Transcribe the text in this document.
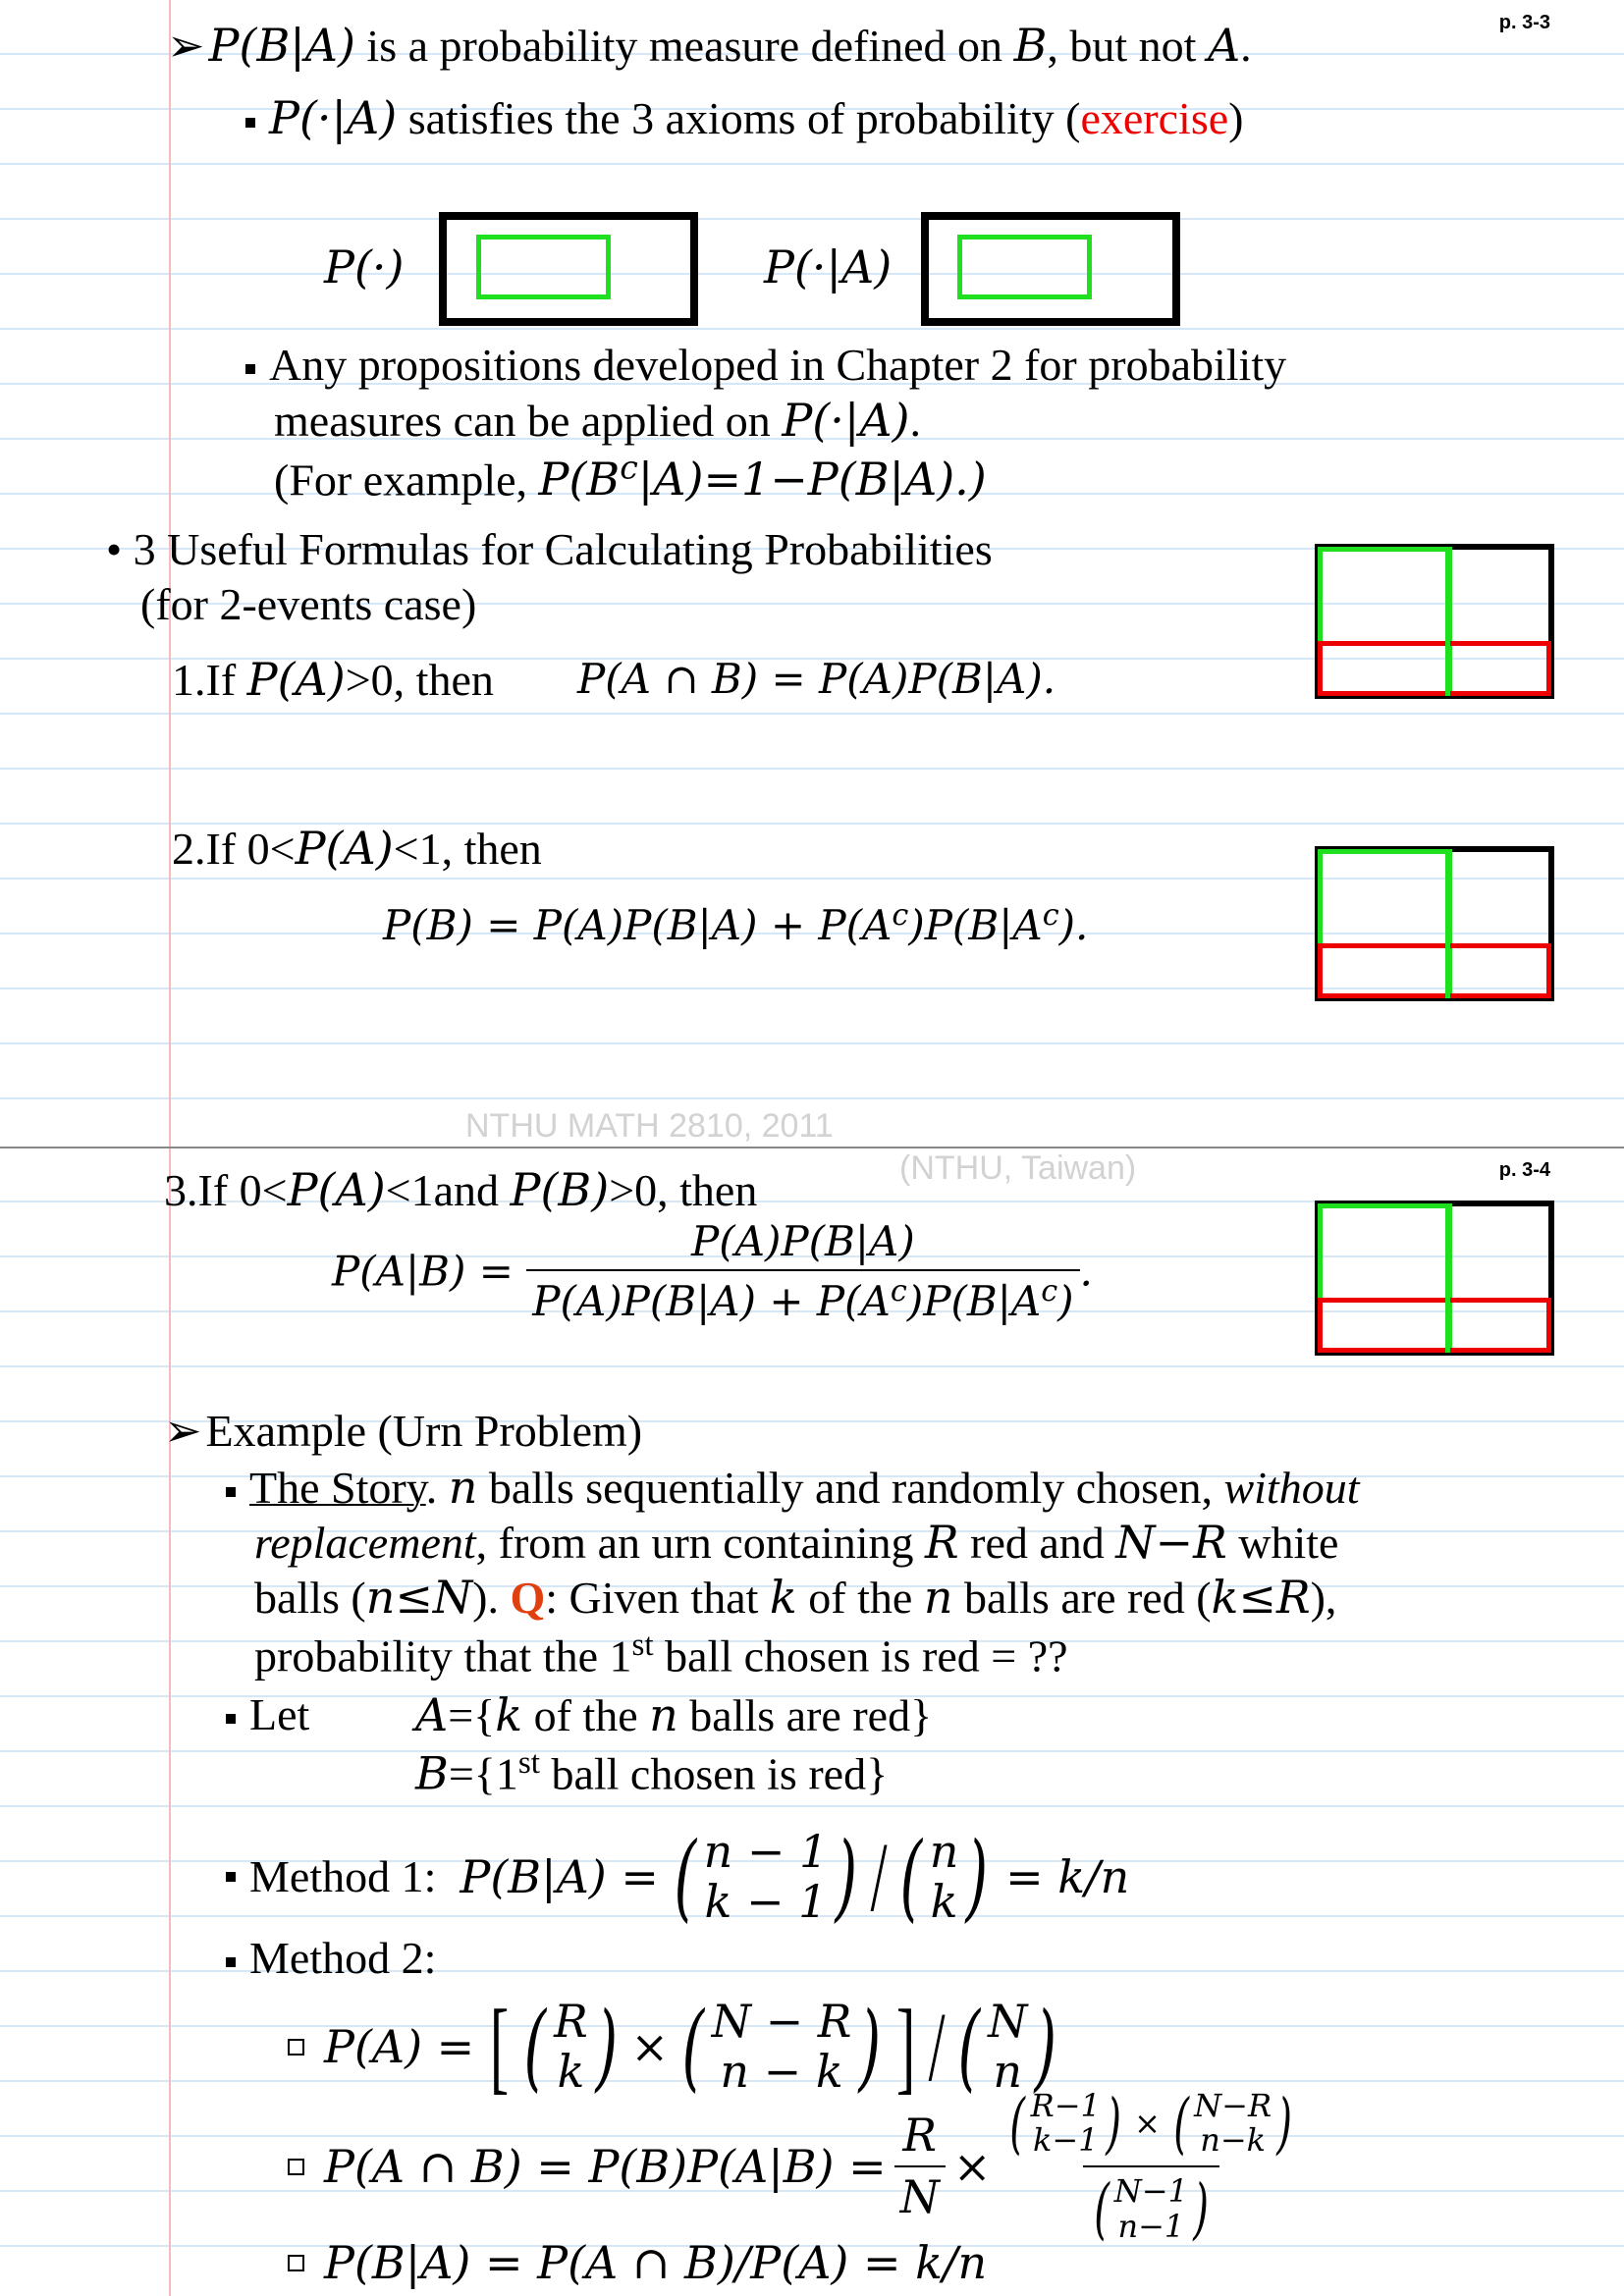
p. 3-3
➢P(B|A) is a probability measure defined on B, but not A.
P(·|A) satisfies the 3 axioms of probability (exercise)
P(·)	P(·|A)
Any propositions developed in Chapter 2 for probability
measures can be applied on P(·|A).
(For example, $P(B^c|A)=1-P(B|A)$.)
• 3 Useful Formulas for Calculating Probabilities
(for 2-events case)
1.If P(A)>0, then P(A ∩ B) = P(A)P(B|A).
2.If 0<P(A)<1, then
$P(B) = P(A)P(B|A) + P(A^c)P(B|A^c)$.
NTHU MATH 2810, 2011
p. 3-4
(NTHU, Taiwan)
3.If 0<P(A)<1and P(B)>0, then
$P(A|B) = \frac{P(A)P(B|A)}{P(A)P(B|A) + P(A^c)P(B|A^c)}$ .
➢Example (Urn Problem)
The Story. n balls sequentially and randomly chosen, without
replacement, from an urn containing R red and N−R white
balls (n≤N). Q: Given that k of the n balls are red (k≤R),
probability that the 1st ball chosen is red = ??
Let A={k of the n balls are red}
B={1st ball chosen is red}
Method 1: P(B|A) = ( n − 1
k − 1 ) / ( n
k ) = k/n
Method 2:
P(A) = [ ( R
k ) × ( N − R
n − k ) ] / ( N
n )
P(A ∩ $B) = P(B)P(A|B) = \frac{R}{N}$ × ( R−1
k−1 ) × ( N−R
n−k )
( N−1
n−1 )
P(B|A) = P(A ∩ B)/P(A) = k/n
